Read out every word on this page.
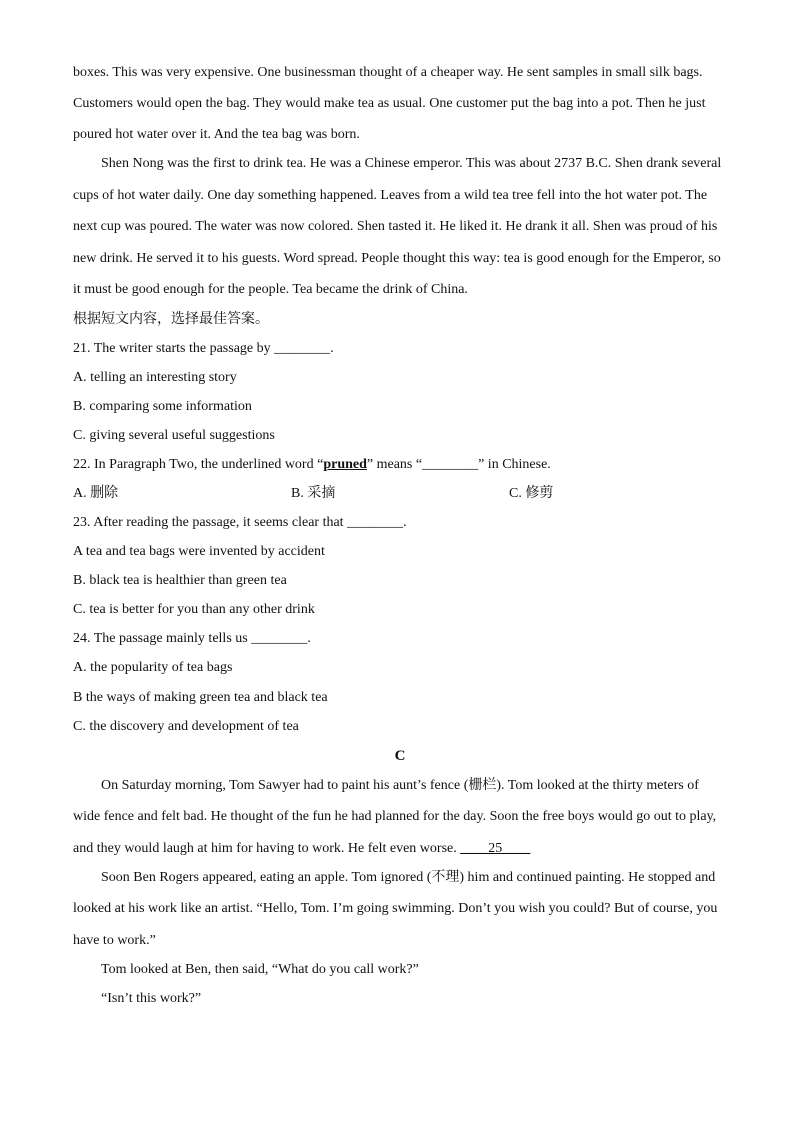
boxes. This was very expensive. One businessman thought of a cheaper way. He sent samples in small silk bags.
Customers would open the bag. They would make tea as usual. One customer put the bag into a pot. Then he just
poured hot water over it. And the tea bag was born.
Shen Nong was the first to drink tea. He was a Chinese emperor. This was about 2737 B.C. Shen drank several
cups of hot water daily. One day something happened. Leaves from a wild tea tree fell into the hot water pot. The
next cup was poured. The water was now colored. Shen tasted it. He liked it. He drank it all. Shen was proud of his
new drink. He served it to his guests. Word spread. People thought this way: tea is good enough for the Emperor, so
it must be good enough for the people. Tea became the drink of China.
根据短文内容，选择最佳答案。
21. The writer starts the passage by ________.
A. telling an interesting story
B. comparing some information
C. giving several useful suggestions
22. In Paragraph Two, the underlined word “pruned” means “________” in Chinese.
A. 删除	B. 采摘	C. 修剪
23. After reading the passage, it seems clear that ________.
A tea and tea bags were invented by accident
B. black tea is healthier than green tea
C. tea is better for you than any other drink
24. The passage mainly tells us ________.
A. the popularity of tea bags
B the ways of making green tea and black tea
C. the discovery and development of tea
C
On Saturday morning, Tom Sawyer had to paint his aunt’s fence (栅栏). Tom looked at the thirty meters of
wide fence and felt bad. He thought of the fun he had planned for the day. Soon the free boys would go out to play,
and they would laugh at him for having to work. He felt even worse. ____25____
Soon Ben Rogers appeared, eating an apple. Tom ignored (不理) him and continued painting. He stopped and
looked at his work like an artist. “Hello, Tom. I’m going swimming. Don’t you wish you could? But of course, you
have to work.”
Tom looked at Ben, then said, “What do you call work?”
“Isn’t this work?”
